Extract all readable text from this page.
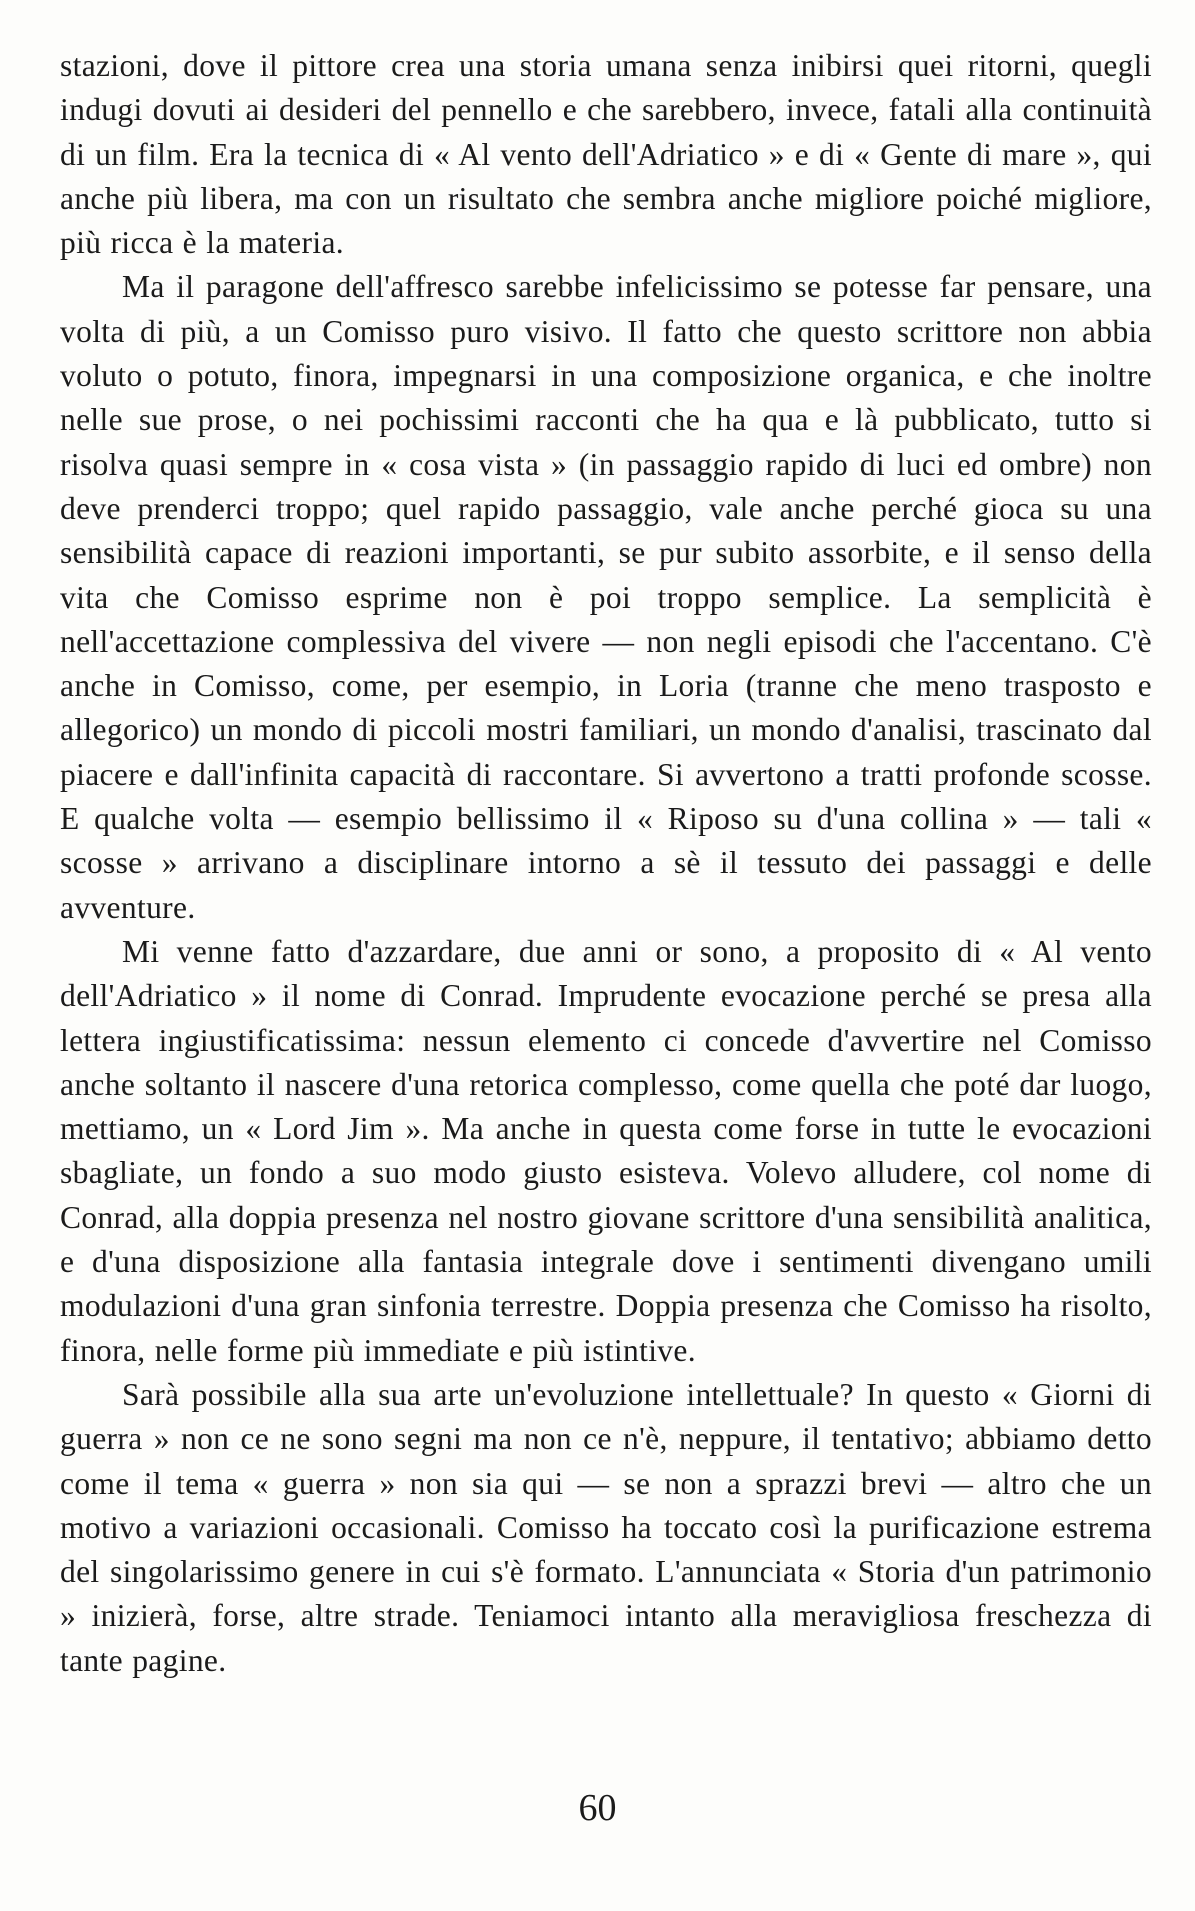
stazioni, dove il pittore crea una storia umana senza inibirsi quei ritorni, quegli indugi dovuti ai desideri del pennello e che sarebbero, invece, fatali alla continuità di un film. Era la tecnica di « Al vento dell'Adriatico » e di « Gente di mare », qui anche più libera, ma con un risultato che sembra anche migliore poiché migliore, più ricca è la materia.

Ma il paragone dell'affresco sarebbe infelicissimo se potesse far pensare, una volta di più, a un Comisso puro visivo. Il fatto che questo scrittore non abbia voluto o potuto, finora, impegnarsi in una composizione organica, e che inoltre nelle sue prose, o nei pochissimi racconti che ha qua e là pubblicato, tutto si risolva quasi sempre in « cosa vista » (in passaggio rapido di luci ed ombre) non deve prenderci troppo; quel rapido passaggio, vale anche perché gioca su una sensibilità capace di reazioni importanti, se pur subito assorbite, e il senso della vita che Comisso esprime non è poi troppo semplice. La semplicità è nell'accettazione complessiva del vivere — non negli episodi che l'accentano. C'è anche in Comisso, come, per esempio, in Loria (tranne che meno trasposto e allegorico) un mondo di piccoli mostri familiari, un mondo d'analisi, trascinato dal piacere e dall'infinita capacità di raccontare. Si avvertono a tratti profonde scosse. E qualche volta — esempio bellissimo il « Riposo su d'una collina » — tali « scosse » arrivano a disciplinare intorno a sè il tessuto dei passaggi e delle avventure.

Mi venne fatto d'azzardare, due anni or sono, a proposito di « Al vento dell'Adriatico » il nome di Conrad. Imprudente evocazione perché se presa alla lettera ingiustificatissima: nessun elemento ci concede d'avvertire nel Comisso anche soltanto il nascere d'una retorica complesso, come quella che poté dar luogo, mettiamo, un « Lord Jim ». Ma anche in questa come forse in tutte le evocazioni sbagliate, un fondo a suo modo giusto esisteva. Volevo alludere, col nome di Conrad, alla doppia presenza nel nostro giovane scrittore d'una sensibilità analitica, e d'una disposizione alla fantasia integrale dove i sentimenti divengano umili modulazioni d'una gran sinfonia terrestre. Doppia presenza che Comisso ha risolto, finora, nelle forme più immediate e più istintive.

Sarà possibile alla sua arte un'evoluzione intellettuale? In questo « Giorni di guerra » non ce ne sono segni ma non ce n'è, neppure, il tentativo; abbiamo detto come il tema « guerra » non sia qui — se non a sprazzi brevi — altro che un motivo a variazioni occasionali. Comisso ha toccato così la purificazione estrema del singolarissimo genere in cui s'è formato. L'annunciata « Storia d'un patrimonio » inizierà, forse, altre strade. Teniamoci intanto alla meravigliosa freschezza di tante pagine.

60
